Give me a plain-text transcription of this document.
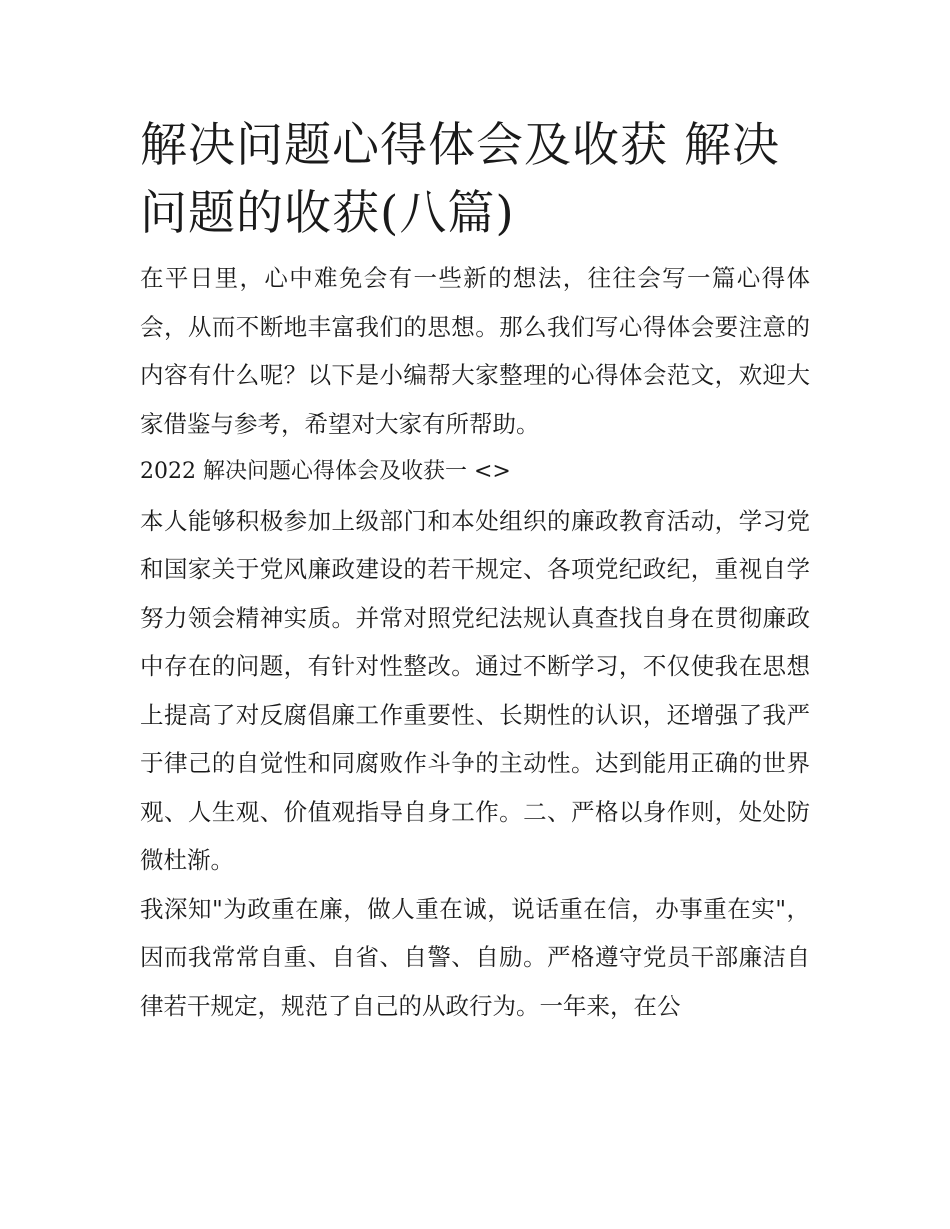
解决问题心得体会及收获 解决问题的收获(八篇)

在平日里，心中难免会有一些新的想法，往往会写一篇心得体会，从而不断地丰富我们的思想。那么我们写心得体会要注意的内容有什么呢？以下是小编帮大家整理的心得体会范文，欢迎大家借鉴与参考，希望对大家有所帮助。

2022 解决问题心得体会及收获一 <>

本人能够积极参加上级部门和本处组织的廉政教育活动，学习党和国家关于党风廉政建设的若干规定、各项党纪政纪，重视自学努力领会精神实质。并常对照党纪法规认真查找自身在贯彻廉政中存在的问题，有针对性整改。通过不断学习，不仅使我在思想上提高了对反腐倡廉工作重要性、长期性的认识，还增强了我严于律己的自觉性和同腐败作斗争的主动性。达到能用正确的世界观、人生观、价值观指导自身工作。二、严格以身作则，处处防微杜渐。

我深知"为政重在廉，做人重在诚，说话重在信，办事重在实"，因而我常常自重、自省、自警、自励。严格遵守党员干部廉洁自律若干规定，规范了自己的从政行为。一年来，在公
